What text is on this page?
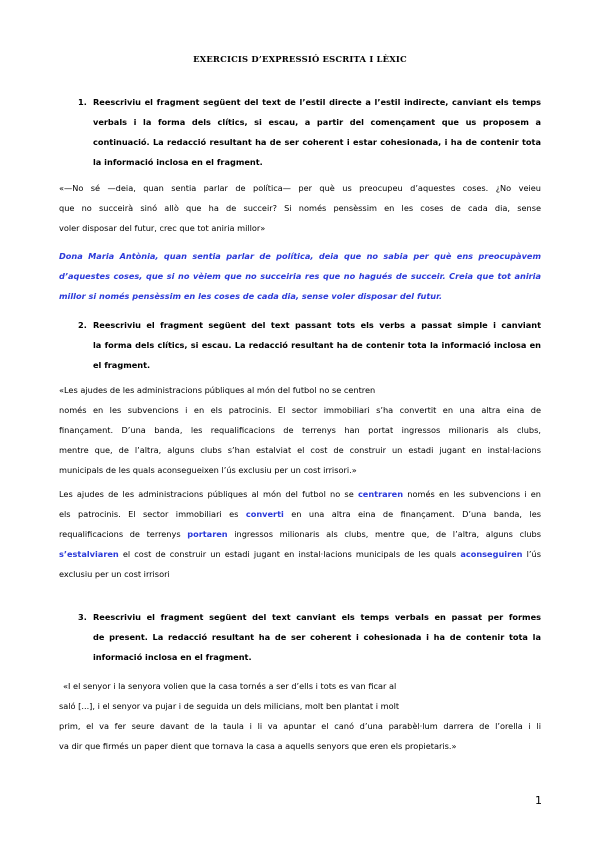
EXERCICIS D’EXPRESSIÓ ESCRITA I LÈXIC
1. Reescriviu el fragment següent del text de l’estil directe a l’estil indirecte, canviant els temps
verbals i la forma dels clítics, si escau, a partir del començament que us proposem a
continuació. La redacció resultant ha de ser coherent i estar cohesionada, i ha de contenir tota
la informació inclosa en el fragment.
«—No sé —deia, quan sentia parlar de política— per què us preocupeu d’aquestes coses. ¿No veieu
que no succeirà sinó allò que ha de succeir? Si només pensèssim en les coses de cada dia, sense
voler disposar del futur, crec que tot aniria millor»
Dona Maria Antònia, quan sentia parlar de política, deia que no sabia per què ens preocupàvem
d’aquestes coses, que si no vèiem que no succeiria res que no hagués de succeir. Creia que tot aniria
millor si només pensèssim en les coses de cada dia, sense voler disposar del futur.
2. Reescriviu el fragment següent del text passant tots els verbs a passat simple i canviant
la forma dels clítics, si escau. La redacció resultant ha de contenir tota la informació inclosa en
el fragment.
«Les ajudes de les administracions públiques al món del futbol no se centren
només en les subvencions i en els patrocinis. El sector immobiliari s’ha convertit en una altra eina de
finançament. D’una banda, les requalificacions de terrenys han portat ingressos milionaris als clubs,
mentre que, de l’altra, alguns clubs s’han estalviat el cost de construir un estadi jugant en instal·lacions
municipals de les quals aconsegueixen l’ús exclusiu per un cost irrisori.»
Les ajudes de les administracions públiques al món del futbol no se centraren només en les subvencions i en
els patrocinis. El sector immobiliari es converti en una altra eina de finançament. D’una banda, les
requalificacions de terrenys portaren ingressos milionaris als clubs, mentre que, de l’altra, alguns clubs
s’estalviaren el cost de construir un estadi jugant en instal·lacions municipals de les quals aconseguiren l’ús
exclusiu per un cost irrisori
3. Reescriviu el fragment següent del text canviant els temps verbals en passat per formes
de present. La redacció resultant ha de ser coherent i cohesionada i ha de contenir tota la
informació inclosa en el fragment.
«I el senyor i la senyora volien que la casa tornés a ser d’ells i tots es van ficar al
saló [...], i el senyor va pujar i de seguida un dels milicians, molt ben plantat i molt
prim, el va fer seure davant de la taula i li va apuntar el canó d’una parabèl·lum darrera de l’orella i li
va dir que firmés un paper dient que tornava la casa a aquells senyors que eren els propietaris.»
1
